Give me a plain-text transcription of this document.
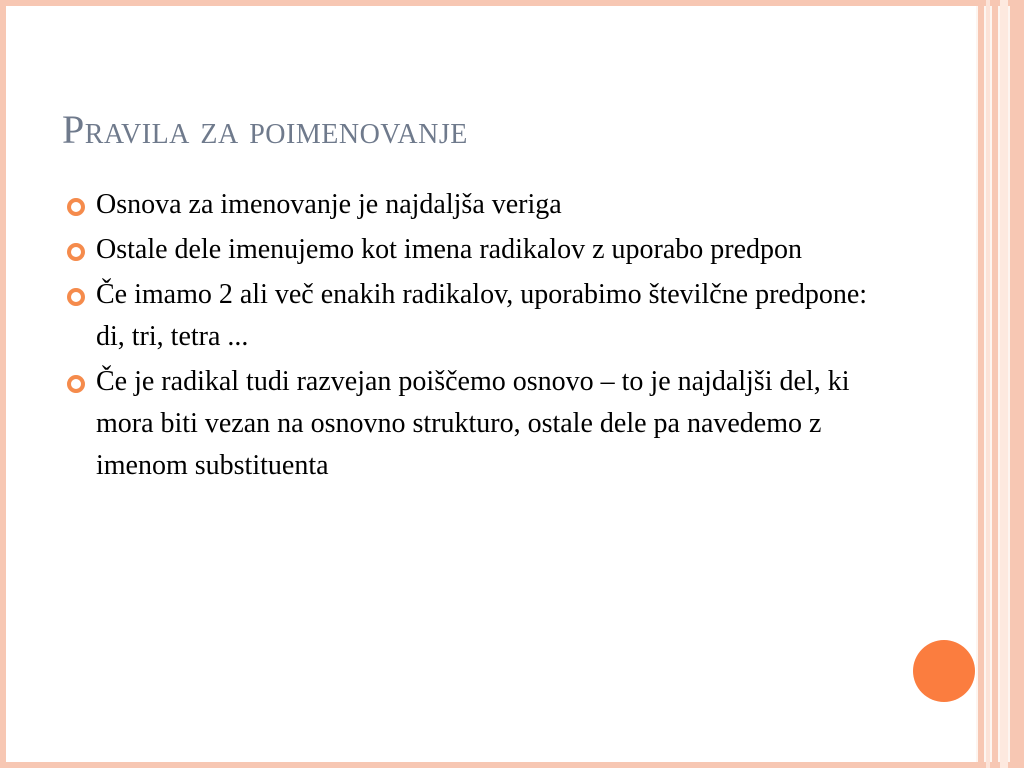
Pravila za poimenovanje
Osnova za imenovanje je najdaljša veriga
Ostale dele imenujemo kot imena radikalov z uporabo predpon
Če imamo 2 ali več enakih radikalov, uporabimo številčne predpone: di, tri, tetra ...
Če je radikal tudi razvejan poiščemo osnovo – to je najdaljši del, ki mora biti vezan na osnovno strukturo, ostale dele pa navedemo z imenom substituenta
